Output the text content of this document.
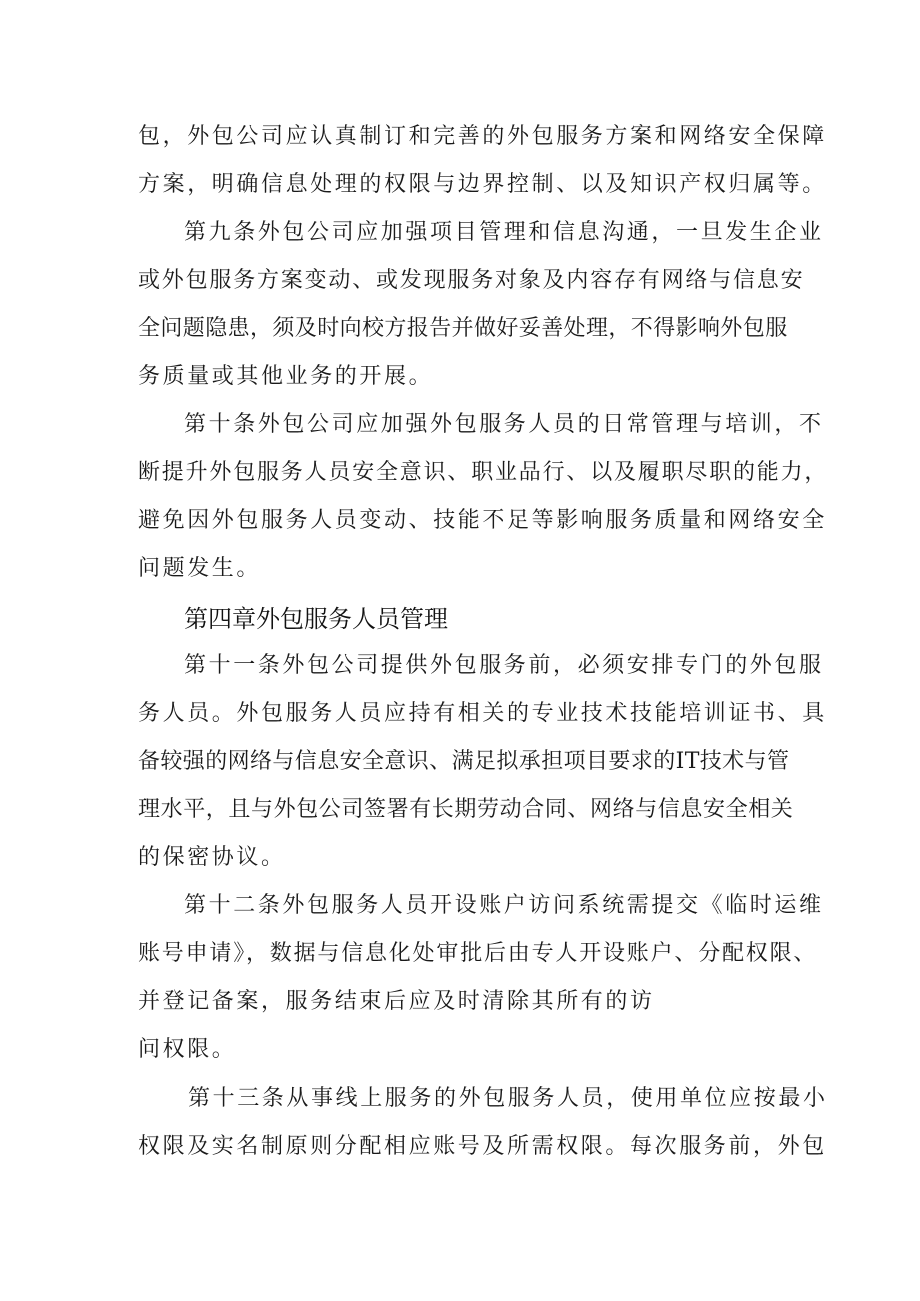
包，外包公司应认真制订和完善的外包服务方案和网络安全保障

方案，明确信息处理的权限与边界控制、以及知识产权归属等。

第九条外包公司应加强项目管理和信息沟通，一旦发生企业

或外包服务方案变动、或发现服务对象及内容存有网络与信息安

全问题隐患，须及时向校方报告并做好妥善处理，不得影响外包服

务质量或其他业务的开展。

第十条外包公司应加强外包服务人员的日常管理与培训，不

断提升外包服务人员安全意识、职业品行、以及履职尽职的能力，

避免因外包服务人员变动、技能不足等影响服务质量和网络安全

问题发生。

第四章外包服务人员管理

第十一条外包公司提供外包服务前，必须安排专门的外包服

务人员。外包服务人员应持有相关的专业技术技能培训证书、具

备较强的网络与信息安全意识、满足拟承担项目要求的IT技术与管

理水平，且与外包公司签署有长期劳动合同、网络与信息安全相关

的保密协议。

第十二条外包服务人员开设账户访问系统需提交《临时运维

账号申请》，数据与信息化处审批后由专人开设账户、分配权限、

并登记备案，服务结束后应及时清除其所有的访

问权限。

第十三条从事线上服务的外包服务人员，使用单位应按最小

权限及实名制原则分配相应账号及所需权限。每次服务前，外包
